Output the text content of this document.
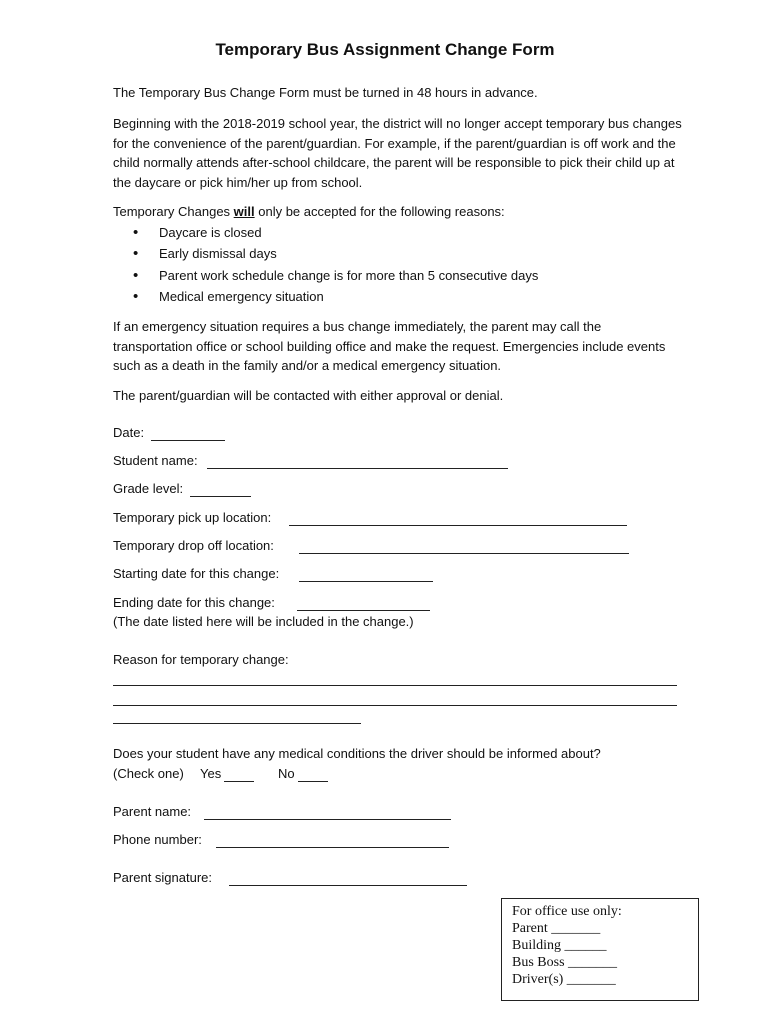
Temporary Bus Assignment Change Form
The Temporary Bus Change Form must be turned in 48 hours in advance.
Beginning with the 2018-2019 school year, the district will no longer accept temporary bus changes for the convenience of the parent/guardian. For example, if the parent/guardian is off work and the child normally attends after-school childcare, the parent will be responsible to pick their child up at the daycare or pick him/her up from school.
Temporary Changes will only be accepted for the following reasons:
• Daycare is closed
• Early dismissal days
• Parent work schedule change is for more than 5 consecutive days
• Medical emergency situation
If an emergency situation requires a bus change immediately, the parent may call the transportation office or school building office and make the request. Emergencies include events such as a death in the family and/or a medical emergency situation.
The parent/guardian will be contacted with either approval or denial.
Date:
Student name:
Grade level:
Temporary pick up location:
Temporary drop off location:
Starting date for this change:
Ending date for this change:
(The date listed here will be included in the change.)
Reason for temporary change:
Does your student have any medical conditions the driver should be informed about?
(Check one) Yes	No
Parent name:
Phone number:
Parent signature:
For office use only:
Parent _______
Building ______
Bus Boss _______
Driver(s) _______
